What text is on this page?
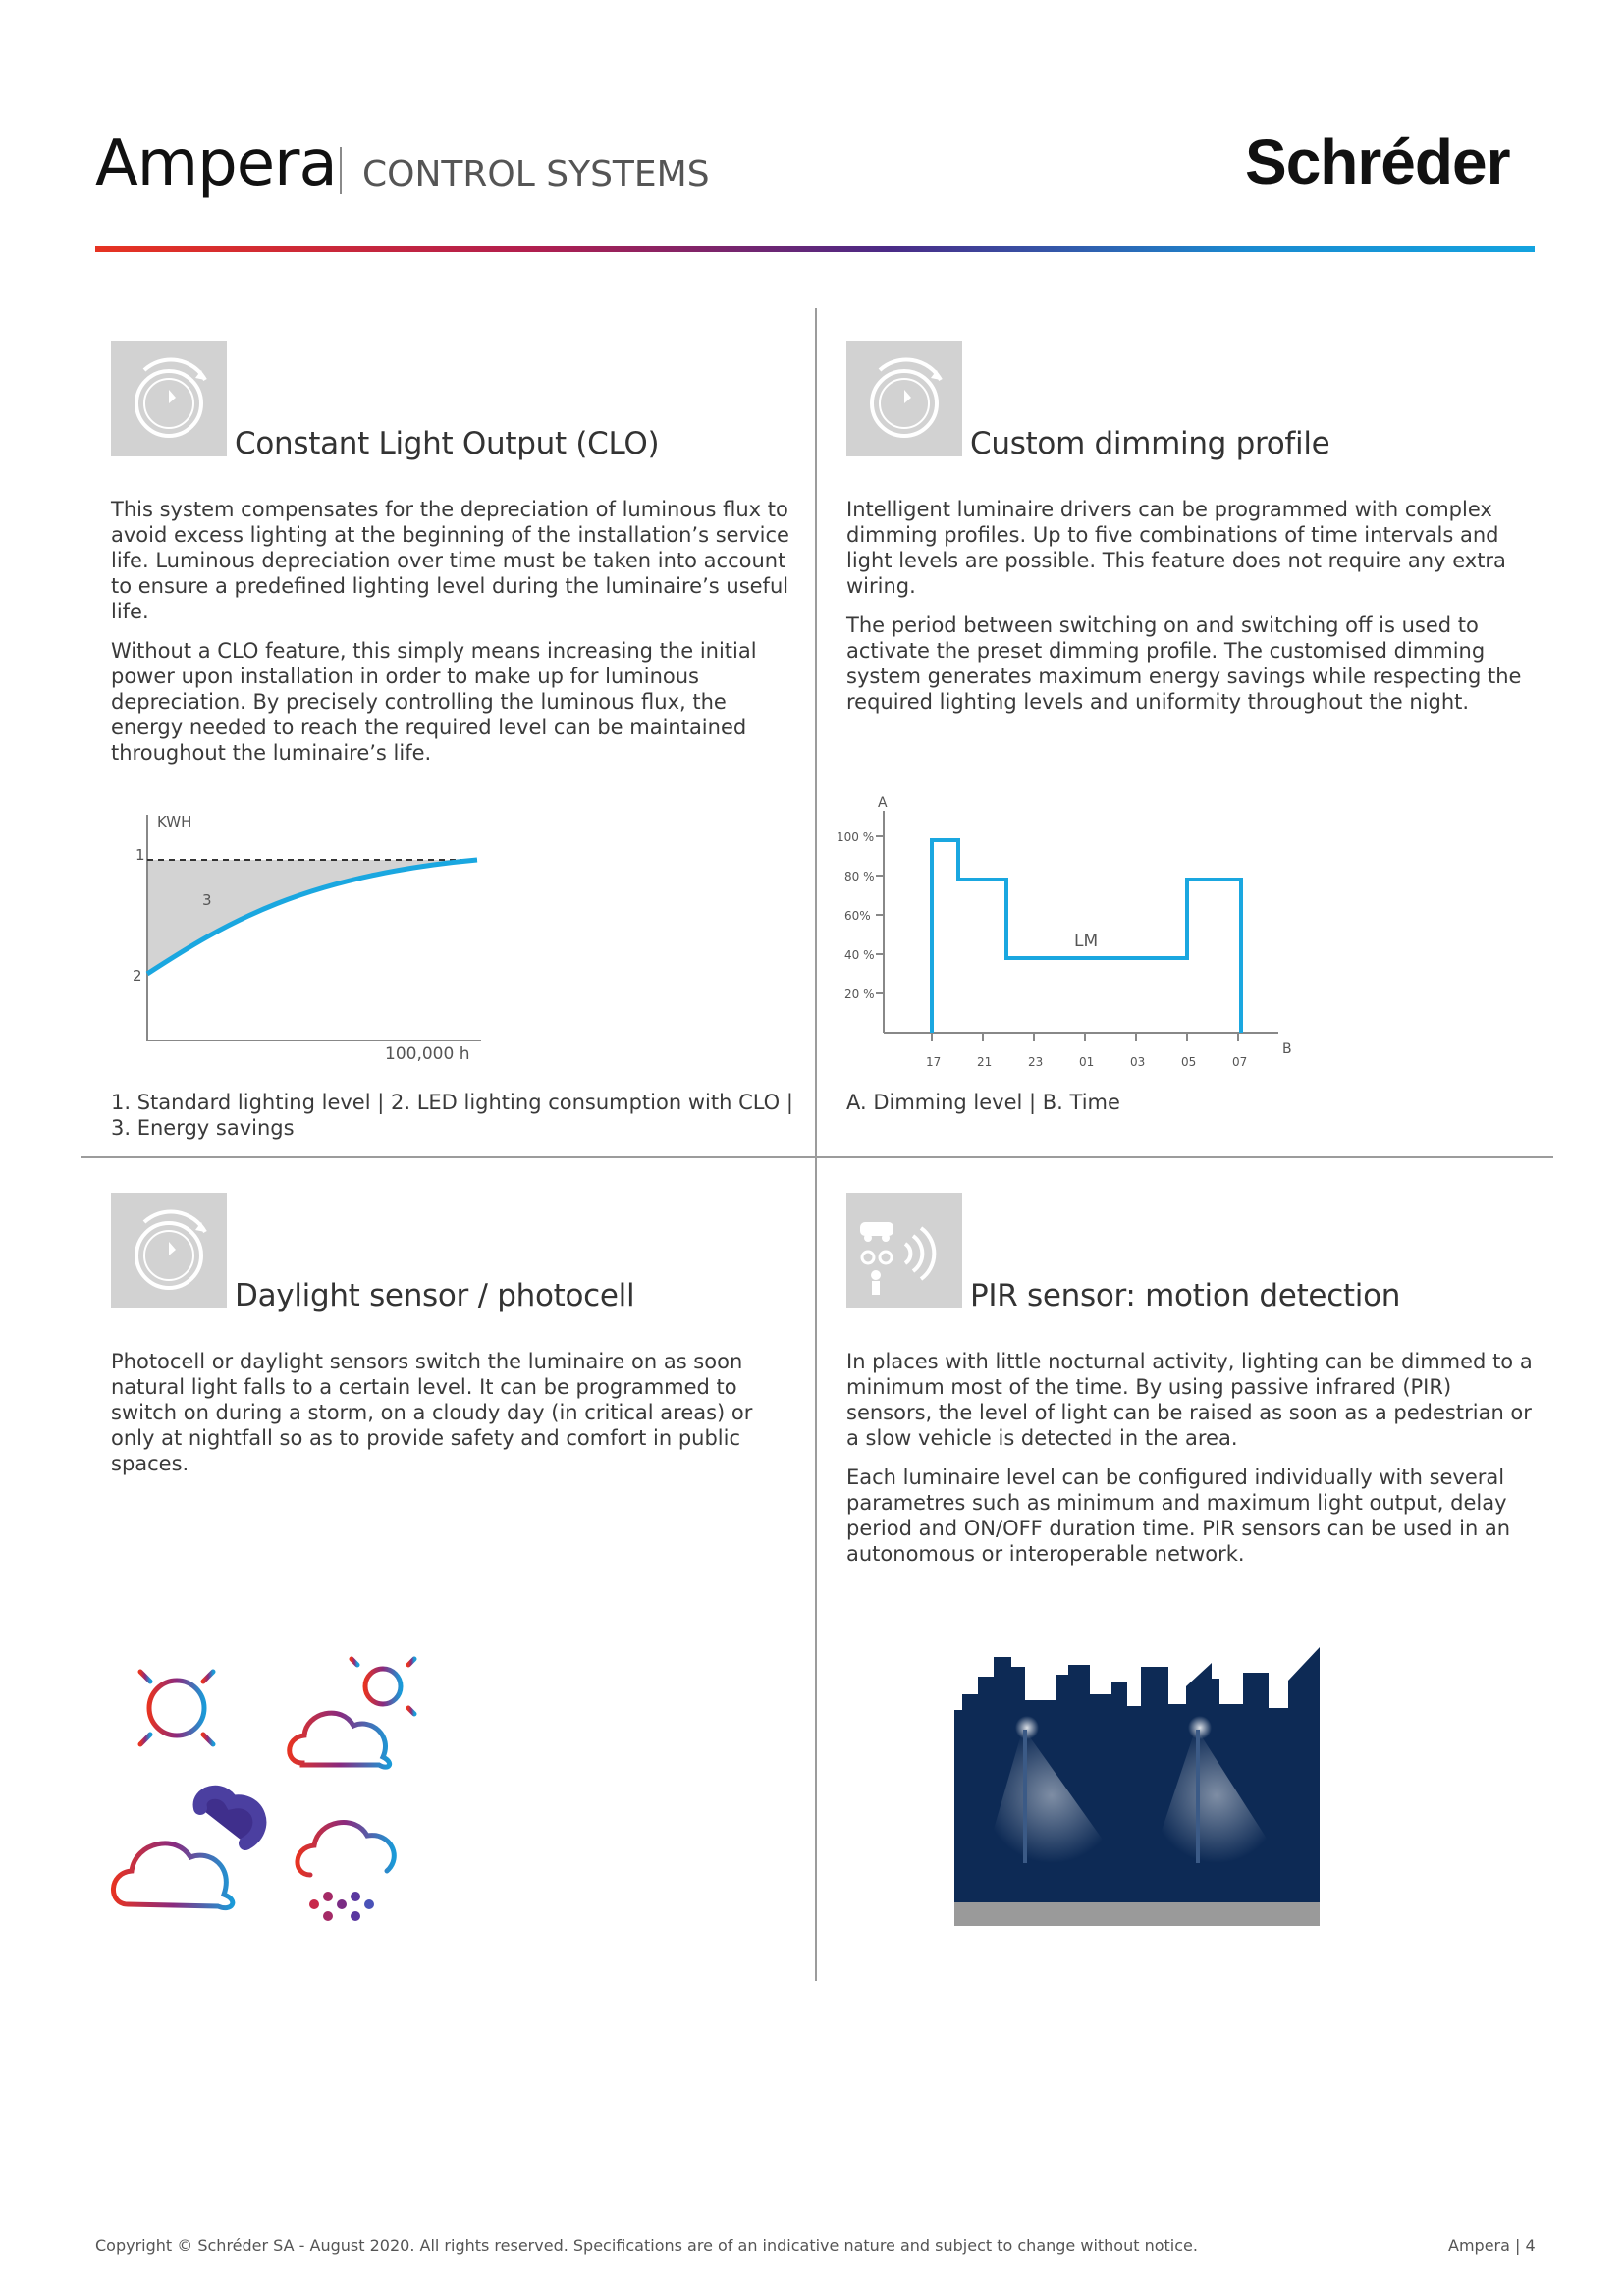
Ampera CONTROL SYSTEMS	Schréder
Constant Light Output (CLO)

This system compensates for the depreciation of luminous flux to avoid excess lighting at the beginning of the installation’s service life. Luminous depreciation over time must be taken into account to ensure a predefined lighting level during the luminaire’s useful life.

Without a CLO feature, this simply means increasing the initial power upon installation in order to make up for luminous depreciation. By precisely controlling the luminous flux, the energy needed to reach the required level can be maintained throughout the luminaire’s life.

KWH
1
2
3
100,000 h
1. Standard lighting level | 2. LED lighting consumption with CLO | 3. Energy savings
Custom dimming profile

Intelligent luminaire drivers can be programmed with complex dimming profiles. Up to five combinations of time intervals and light levels are possible. This feature does not require any extra wiring.

The period between switching on and switching off is used to activate the preset dimming profile. The customised dimming system generates maximum energy savings while respecting the required lighting levels and uniformity throughout the night.

A
B
100 %
80 %
60%
40 %
20 %
17	21	23	01	03	05	07
LM
A. Dimming level | B. Time
Daylight sensor / photocell

Photocell or daylight sensors switch the luminaire on as soon natural light falls to a certain level. It can be programmed to switch on during a storm, on a cloudy day (in critical areas) or only at nightfall so as to provide safety and comfort in public spaces.

PIR sensor: motion detection

In places with little nocturnal activity, lighting can be dimmed to a minimum most of the time. By using passive infrared (PIR) sensors, the level of light can be raised as soon as a pedestrian or a slow vehicle is detected in the area.

Each luminaire level can be configured individually with several parametres such as minimum and maximum light output, delay period and ON/OFF duration time. PIR sensors can be used in an autonomous or interoperable network.

Copyright © Schréder SA - August 2020. All rights reserved. Specifications are of an indicative nature and subject to change without notice.	Ampera | 4
